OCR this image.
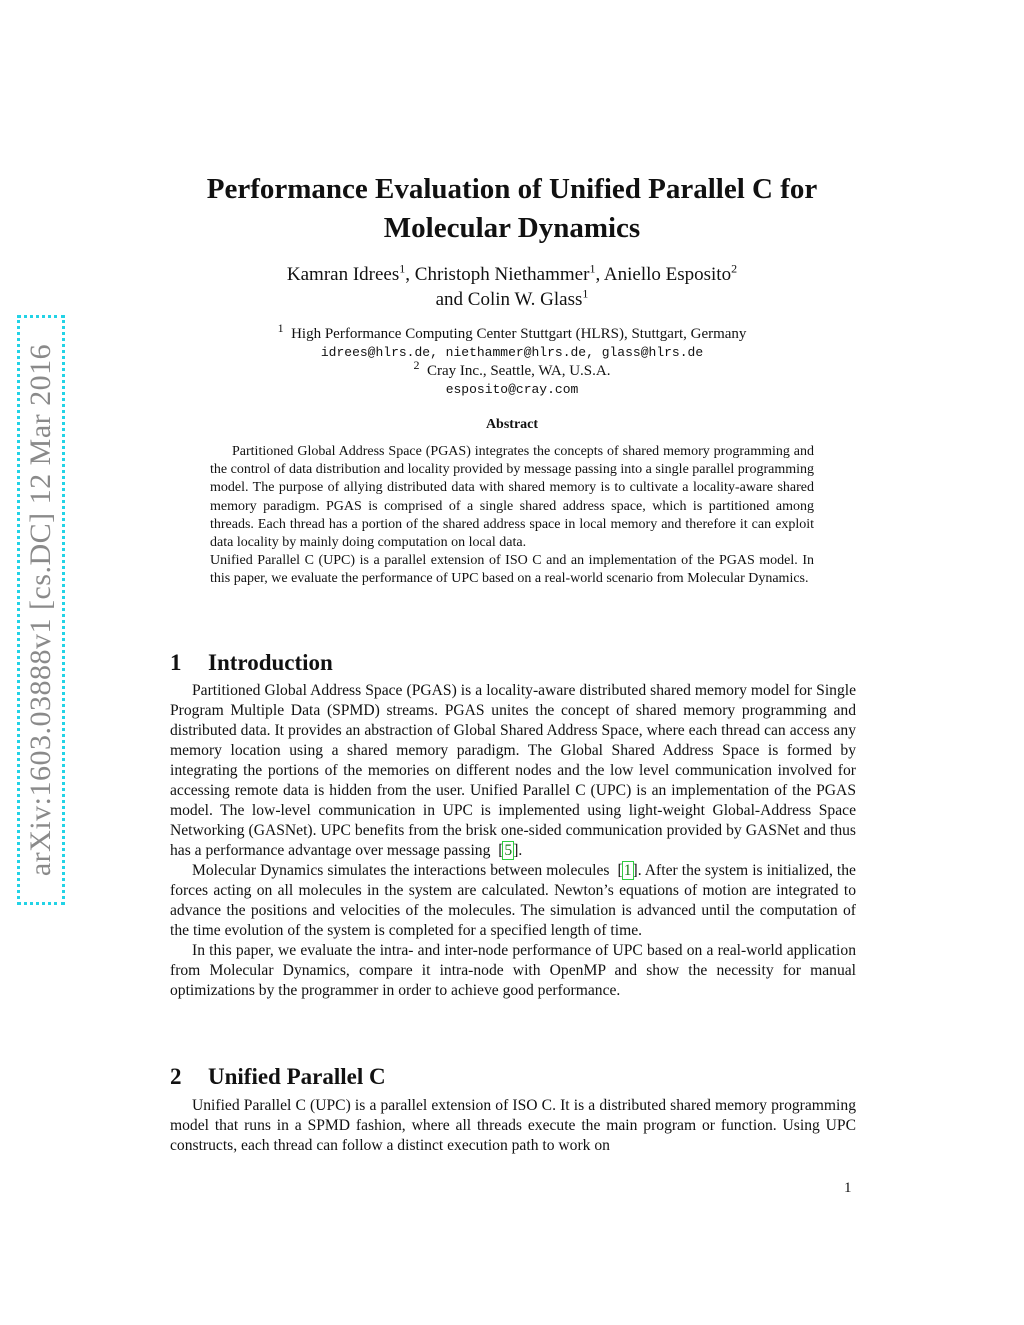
arXiv:1603.03888v1 [cs.DC] 12 Mar 2016
Performance Evaluation of Unified Parallel C for
Molecular Dynamics
Kamran Idrees$^1$, Christoph Niethammer$^1$, Aniello Esposito$^2$
and Colin W. Glass$^1$
$^1$ High Performance Computing Center Stuttgart (HLRS), Stuttgart, Germany
idrees@hlrs.de, niethammer@hlrs.de, glass@hlrs.de
$^2$ Cray Inc., Seattle, WA, U.S.A.
esposito@cray.com
Abstract

Partitioned Global Address Space (PGAS) integrates the concepts of shared memory programming and the control of data distribution and locality provided by message passing into a single parallel programming model. The purpose of allying distributed data with shared memory is to cultivate a locality-aware shared memory paradigm. PGAS is comprised of a single shared address space, which is partitioned among threads. Each thread has a portion of the shared address space in local memory and therefore it can exploit data locality by mainly doing computation on local data.

Unified Parallel C (UPC) is a parallel extension of ISO C and an implementation of the PGAS model. In this paper, we evaluate the performance of UPC based on a real-world scenario from Molecular Dynamics.

1 Introduction

Partitioned Global Address Space (PGAS) is a locality-aware distributed shared memory model for Single Program Multiple Data (SPMD) streams. PGAS unites the concept of shared memory programming and distributed data. It provides an abstraction of Global Shared Address Space, where each thread can access any memory location using a shared memory paradigm. The Global Shared Address Space is formed by integrating the portions of the memories on different nodes and the low level communication involved for accessing remote data is hidden from the user. Unified Parallel C (UPC) is an implementation of the PGAS model. The low-level communication in UPC is implemented using light-weight Global-Address Space Networking (GASNet). UPC benefits from the brisk one-sided communication provided by GASNet and thus has a performance advantage over message passing  [5].

Molecular Dynamics simulates the interactions between molecules  [1]. After the system is initialized, the forces acting on all molecules in the system are calculated. Newton’s equations of motion are integrated to advance the positions and velocities of the molecules. The simulation is advanced until the computation of the time evolution of the system is completed for a specified length of time.

In this paper, we evaluate the intra- and inter-node performance of UPC based on a real-world application from Molecular Dynamics, compare it intra-node with OpenMP and show the necessity for manual optimizations by the programmer in order to achieve good performance.

2 Unified Parallel C

Unified Parallel C (UPC) is a parallel extension of ISO C. It is a distributed shared memory programming model that runs in a SPMD fashion, where all threads execute the main program or function. Using UPC constructs, each thread can follow a distinct execution path to work on

1
